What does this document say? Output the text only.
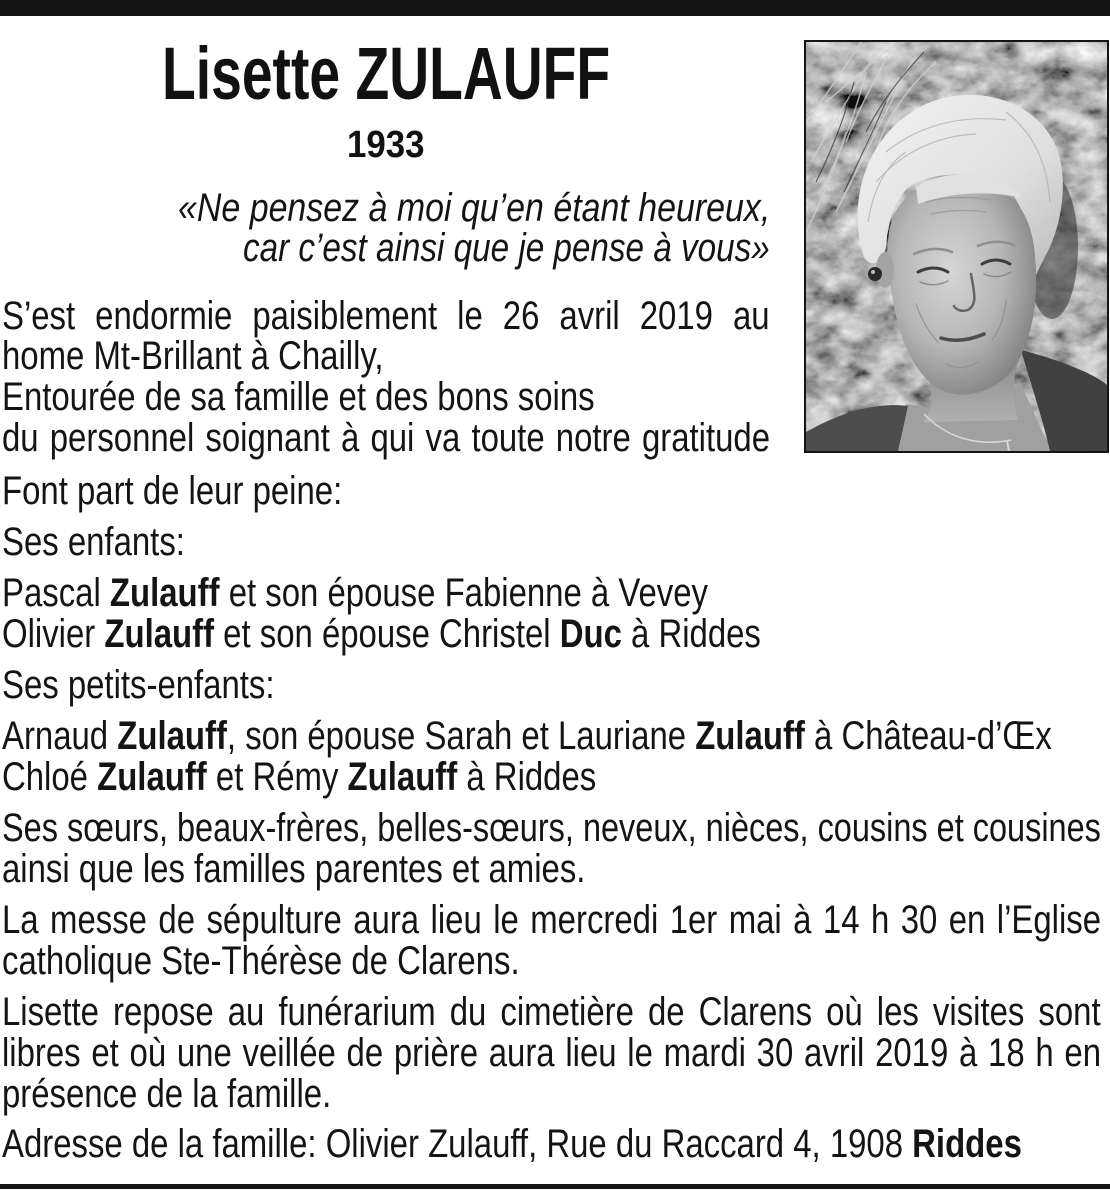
Lisette ZULAUFF
1933
«Ne pensez à moi qu’en étant heureux,
car c’est ainsi que je pense à vous»
S’est endormie paisiblement le 26 avril 2019 au
home Mt-Brillant à Chailly,
Entourée de sa famille et des bons soins
du personnel soignant à qui va toute notre gratitude
Font part de leur peine:
Ses enfants:
Pascal Zulauff et son épouse Fabienne à Vevey
Olivier Zulauff et son épouse Christel Duc à Riddes
Ses petits-enfants:
Arnaud Zulauff, son épouse Sarah et Lauriane Zulauff à Château-d’Œx
Chloé Zulauff et Rémy Zulauff à Riddes
Ses sœurs, beaux-frères, belles-sœurs, neveux, nièces, cousins et cousines
ainsi que les familles parentes et amies.
La messe de sépulture aura lieu le mercredi 1er mai à 14 h 30 en l’Eglise
catholique Ste-Thérèse de Clarens.
Lisette repose au funérarium du cimetière de Clarens où les visites sont
libres et où une veillée de prière aura lieu le mardi 30 avril 2019 à 18 h en
présence de la famille.
Adresse de la famille: Olivier Zulauff, Rue du Raccard 4, 1908 Riddes
